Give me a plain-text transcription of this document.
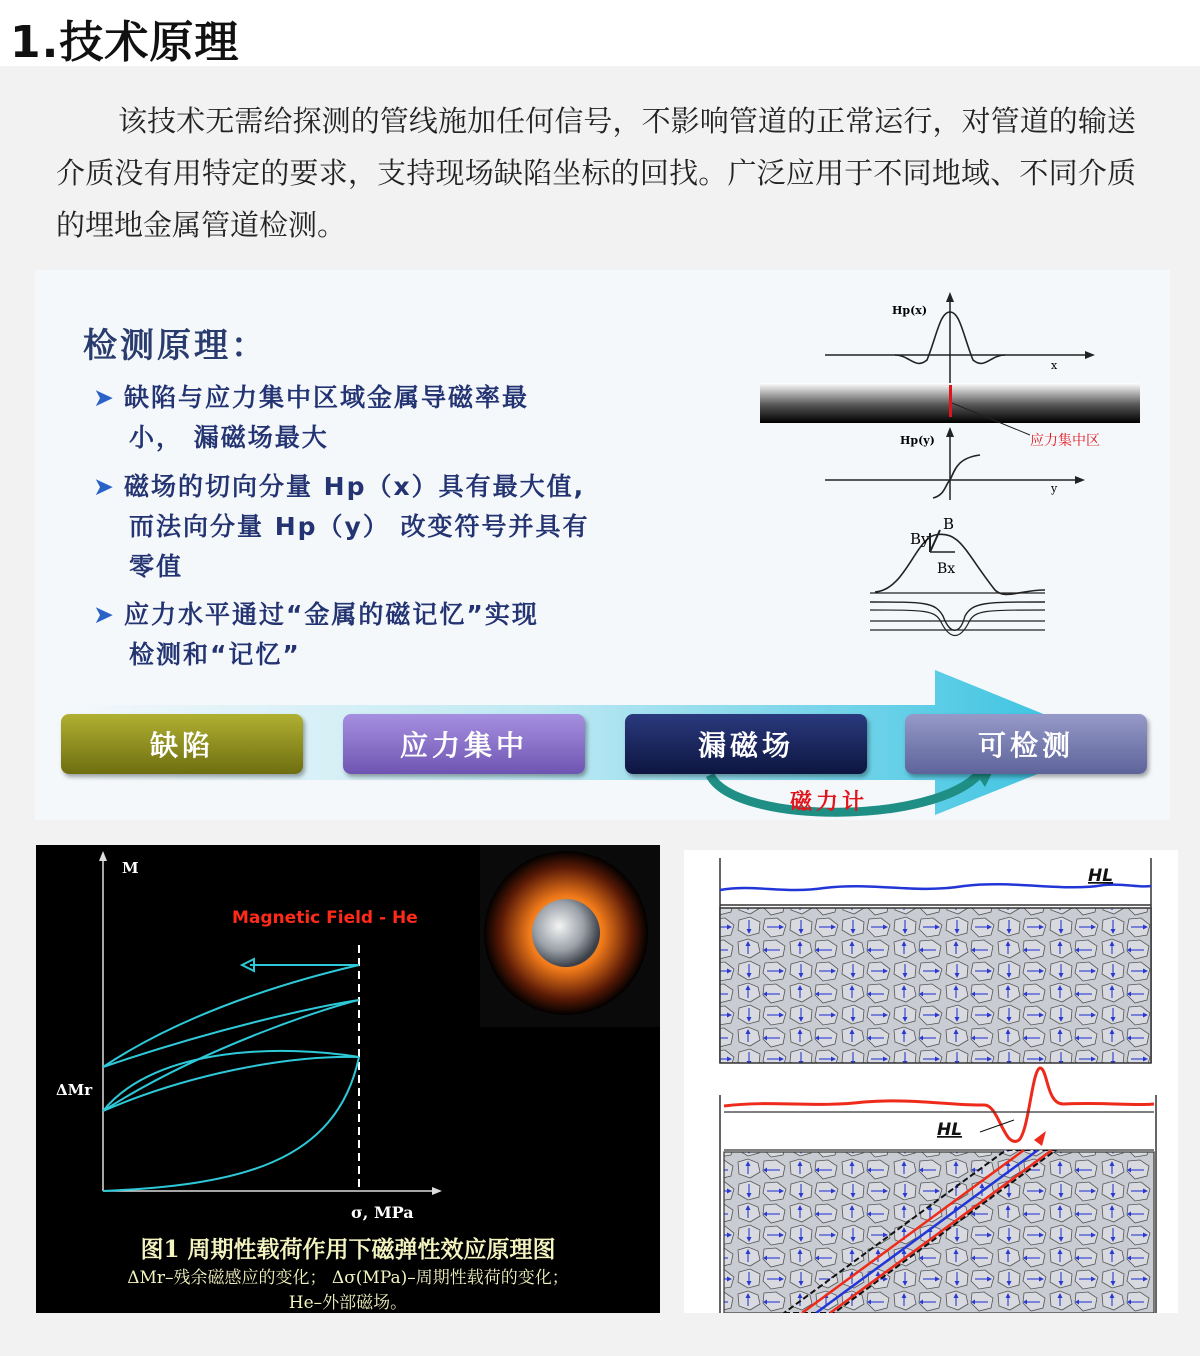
1.技术原理

该技术无需给探测的管线施加任何信号，不影响管道的正常运行，对管道的输送介质没有用特定的要求，支持现场缺陷坐标的回找。广泛应用于不同地域、不同介质的埋地金属管道检测。

检测原理：
➤ 缺陷与应力集中区域金属导磁率最
小， 漏磁场最大
➤ 磁场的切向分量 Hp（x）具有最大值,
而法向分量 Hp（y） 改变符号并具有
零值
➤ 应力水平通过“金属的磁记忆”实现
检测和“记忆”
Hp(x)
x
应力集中区
Hp(y)
y
B
By
Bx
缺陷	应力集中	漏磁场	可检测
磁力计
M
ΔMr
σ, MPa
Magnetic Field - He
图1 周期性载荷作用下磁弹性效应原理图
ΔMr–残余磁感应的变化； Δσ(MPa)–周期性载荷的变化；
He–外部磁场。
HL
HL
